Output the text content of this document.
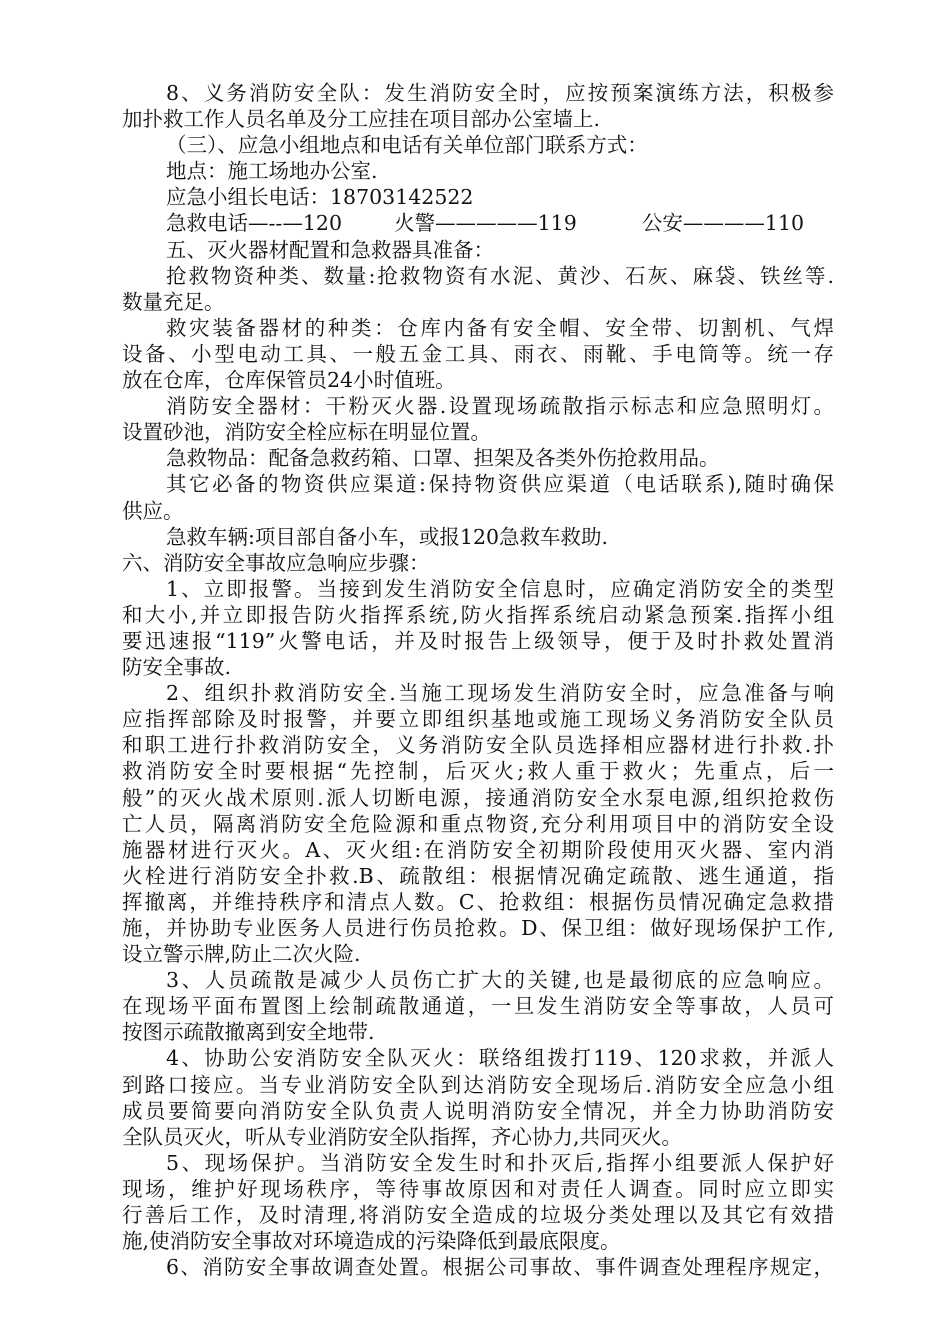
8、义务消防安全队：发生消防安全时，应按预案演练方法，积极参

加扑救工作人员名单及分工应挂在项目部办公室墙上.

（三）、应急小组地点和电话有关单位部门联系方式：

地点：施工场地办公室.

应急小组长电话：18703142522

急救电话—--—120        火警—————119          公安————110

五、灭火器材配置和急救器具准备：

抢救物资种类、数量:抢救物资有水泥、黄沙、石灰、麻袋、铁丝等.

数量充足。

救灾装备器材的种类：仓库内备有安全帽、安全带、切割机、气焊

设备、小型电动工具、一般五金工具、雨衣、雨靴、手电筒等。统一存

放在仓库，仓库保管员24小时值班。

消防安全器材：干粉灭火器.设置现场疏散指示标志和应急照明灯。

设置砂池，消防安全栓应标在明显位置。

急救物品：配备急救药箱、口罩、担架及各类外伤抢救用品。

其它必备的物资供应渠道:保持物资供应渠道（电话联系),随时确保

供应。

急救车辆:项目部自备小车，或报120急救车救助.

六、消防安全事故应急响应步骤：

1、立即报警。当接到发生消防安全信息时，应确定消防安全的类型

和大小,并立即报告防火指挥系统,防火指挥系统启动紧急预案.指挥小组

要迅速报“119”火警电话，并及时报告上级领导，便于及时扑救处置消

防安全事故.

2、组织扑救消防安全.当施工现场发生消防安全时，应急准备与响

应指挥部除及时报警，并要立即组织基地或施工现场义务消防安全队员

和职工进行扑救消防安全，义务消防安全队员选择相应器材进行扑救.扑

救消防安全时要根据“先控制，后灭火;救人重于救火；先重点，后一

般”的灭火战术原则.派人切断电源，接通消防安全水泵电源,组织抢救伤

亡人员，隔离消防安全危险源和重点物资,充分利用项目中的消防安全设

施器材进行灭火。A、灭火组:在消防安全初期阶段使用灭火器、室内消

火栓进行消防安全扑救.B、疏散组：根据情况确定疏散、逃生通道，指

挥撤离，并维持秩序和清点人数。C、抢救组：根据伤员情况确定急救措

施，并协助专业医务人员进行伤员抢救。D、保卫组：做好现场保护工作,

设立警示牌,防止二次火险.

3、人员疏散是减少人员伤亡扩大的关键,也是最彻底的应急响应。

在现场平面布置图上绘制疏散通道，一旦发生消防安全等事故，人员可

按图示疏散撤离到安全地带.

4、协助公安消防安全队灭火：联络组拨打119、120求救，并派人

到路口接应。当专业消防安全队到达消防安全现场后.消防安全应急小组

成员要简要向消防安全队负责人说明消防安全情况，并全力协助消防安

全队员灭火，听从专业消防安全队指挥，齐心协力,共同灭火。

5、现场保护。当消防安全发生时和扑灭后,指挥小组要派人保护好

现场，维护好现场秩序，等待事故原因和对责任人调查。同时应立即实

行善后工作，及时清理,将消防安全造成的垃圾分类处理以及其它有效措

施,使消防安全事故对环境造成的污染降低到最底限度。

6、消防安全事故调查处置。根据公司事故、事件调查处理程序规定，
